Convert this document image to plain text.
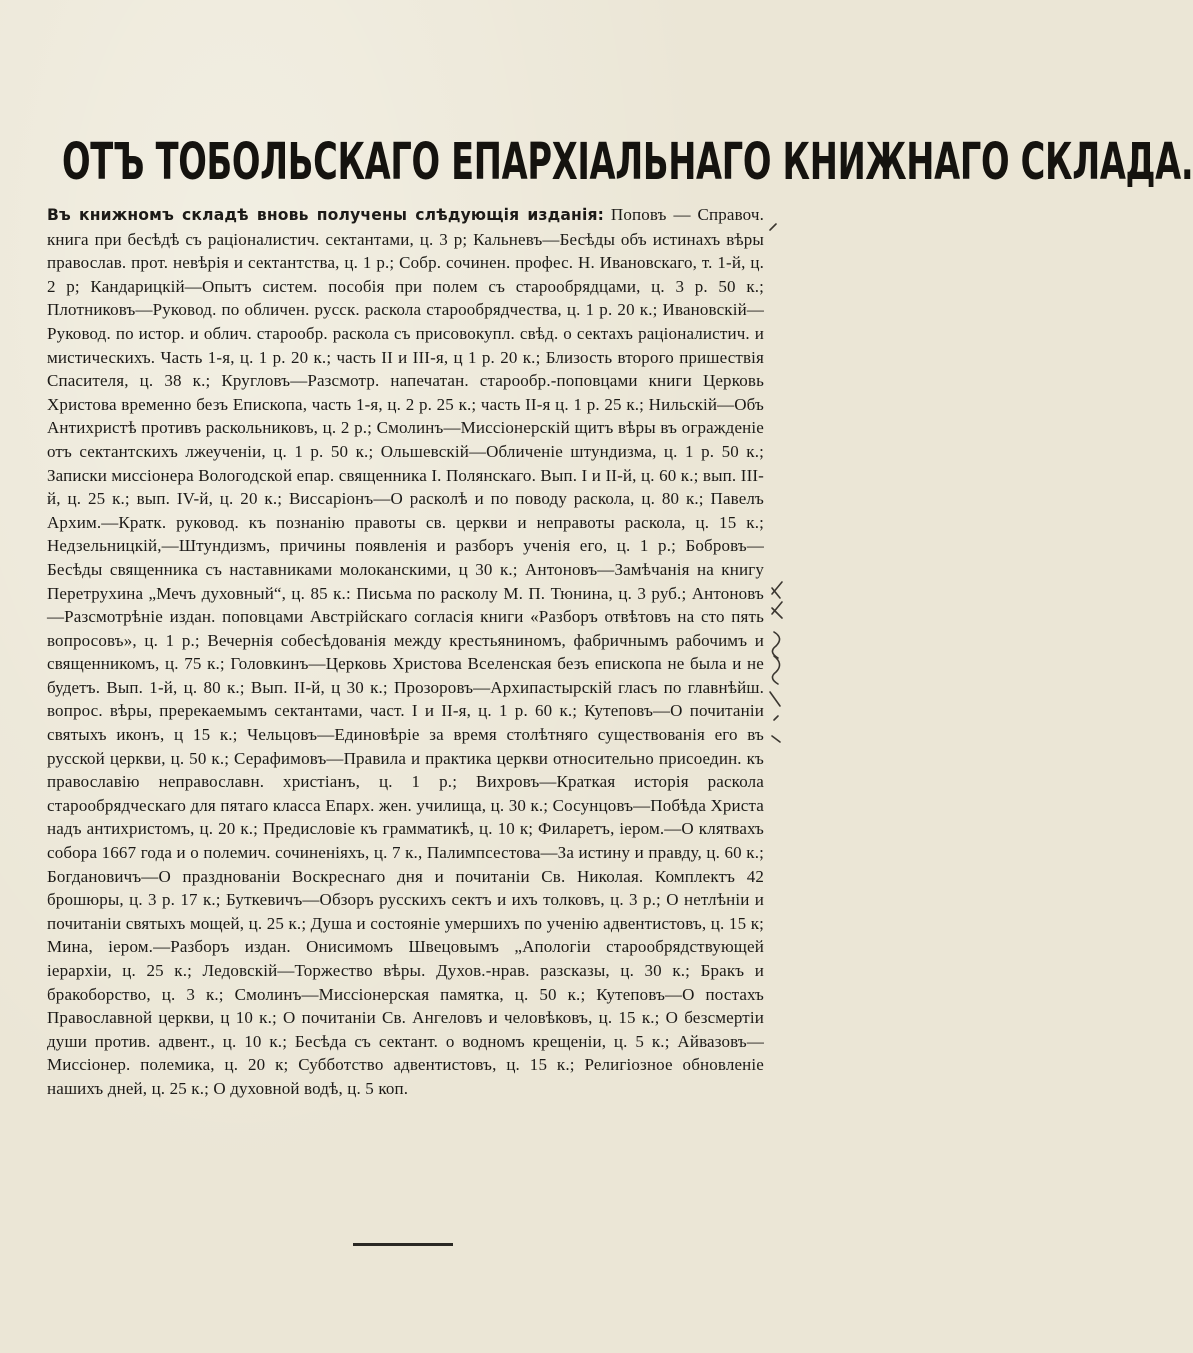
ОТЪ ТОБОЛЬСКАГО ЕПАРХІАЛЬНАГО КНИЖНАГО СКЛАДА.

Въ книжномъ складѣ вновь получены слѣдующія изданія: Поповъ — Справоч. книга при бесѣдѣ съ раціоналистич. сектантами, ц. 3 р; Кальневъ—Бесѣды объ истинахъ вѣры православ. прот. невѣрія и сектантства, ц. 1 р.; Собр. сочинен. профес. Н. Ивановскаго, т. 1-й, ц. 2 р; Кандарицкій—Опытъ систем. пособія при полем съ старообрядцами, ц. 3 р. 50 к.; Плотниковъ—Руковод. по обличен. русск. раскола старообрядчества, ц. 1 р. 20 к.; Ивановскій—Руковод. по истор. и облич. старообр. раскола съ присовокупл. свѣд. о сектахъ раціоналистич. и мистическихъ. Часть 1-я, ц. 1 р. 20 к.; часть II и III-я, ц 1 р. 20 к.; Близость второго пришествія Спасителя, ц. 38 к.; Кругловъ—Разсмотр. напечатан. старообр.-поповцами книги Церковь Христова временно безъ Епископа, часть 1-я, ц. 2 р. 25 к.; часть II-я ц. 1 р. 25 к.; Нильскій—Объ Антихристѣ противъ раскольниковъ, ц. 2 р.; Смолинъ—Миссіонерскій щитъ вѣры въ огражденіе отъ сектантскихъ лжеученіи, ц. 1 р. 50 к.; Ольшевскій—Обличеніе штундизма, ц. 1 р. 50 к.; Записки миссіонера Вологодской епар. священника І. Полянскаго. Вып. I и II-й, ц. 60 к.; вып. III-й, ц. 25 к.; вып. IV-й, ц. 20 к.; Виссаріонъ—О расколѣ и по поводу раскола, ц. 80 к.; Павелъ Архим.—Кратк. руковод. къ познанію правоты св. церкви и неправоты раскола, ц. 15 к.; Недзельницкій,—Штундизмъ, причины появленія и разборъ ученія его, ц. 1 р.; Бобровъ—Бесѣды священника съ наставниками молоканскими, ц 30 к.; Антоновъ—Замѣчанія на книгу Перетрухина „Мечъ духовный“, ц. 85 к.: Письма по расколу М. П. Тюнина, ц. 3 руб.; Антоновъ—Разсмотрѣніе издан. поповцами Австрійскаго согласія книги «Разборъ отвѣтовъ на сто пять вопросовъ», ц. 1 р.; Вечернія собесѣдованія между крестьяниномъ, фабричнымъ рабочимъ и священникомъ, ц. 75 к.; Головкинъ—Церковь Христова Вселенская безъ епископа не была и не будетъ. Вып. 1-й, ц. 80 к.; Вып. II-й, ц 30 к.; Прозоровъ—Архипастырскій гласъ по главнѣйш. вопрос. вѣры, пререкаемымъ сектантами, част. I и II-я, ц. 1 р. 60 к.; Кутеповъ—О почитаніи святыхъ иконъ, ц 15 к.; Чельцовъ—Единовѣріе за время столѣтняго существованія его въ русской церкви, ц. 50 к.; Серафимовъ—Правила и практика церкви относительно присоедин. къ православію неправославн. христіанъ, ц. 1 р.; Вихровъ—Краткая исторія раскола старообрядческаго для пятаго класса Епарх. жен. училища, ц. 30 к.; Сосунцовъ—Побѣда Христа надъ антихристомъ, ц. 20 к.; Предисловіе къ грамматикѣ, ц. 10 к; Филаретъ, іером.—О клятвахъ собора 1667 года и о полемич. сочиненіяхъ, ц. 7 к., Палимпсестова—За истину и правду, ц. 60 к.; Богдановичъ—О празднованіи Воскреснаго дня и почитаніи Св. Николая. Комплектъ 42 брошюры, ц. 3 р. 17 к.; Буткевичъ—Обзоръ русскихъ сектъ и ихъ толковъ, ц. 3 р.; О нетлѣніи и почитаніи святыхъ мощей, ц. 25 к.; Душа и состояніе умершихъ по ученію адвентистовъ, ц. 15 к; Мина, іером.—Разборъ издан. Онисимомъ Швецовымъ „Апологіи старообрядствующей іерархіи, ц. 25 к.; Ледовскій—Торжество вѣры. Духов.-нрав. разсказы, ц. 30 к.; Бракъ и бракоборство, ц. 3 к.; Смолинъ—Миссіонерская памятка, ц. 50 к.; Кутеповъ—О постахъ Православной церкви, ц 10 к.; О почитаніи Св. Ангеловъ и человѣковъ, ц. 15 к.; О безсмертіи души против. адвент., ц. 10 к.; Бесѣда съ сектант. о водномъ крещеніи, ц. 5 к.; Айвазовъ—Миссіонер. полемика, ц. 20 к; Субботство адвентистовъ, ц. 15 к.; Религіозное обновленіе нашихъ дней, ц. 25 к.; О духовной водѣ, ц. 5 коп.
